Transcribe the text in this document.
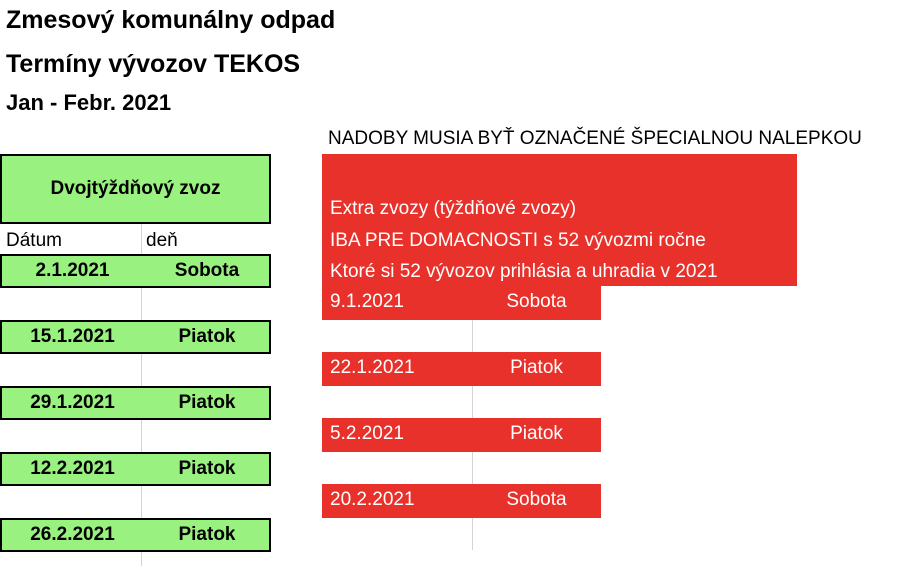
Zmesový komunálny odpad
Termíny vývozov TEKOS
Jan - Febr. 2021
NADOBY MUSIA BYŤ OZNAČENÉ ŠPECIALNOU NALEPKOU
Dvojtýždňový zvoz
Dátum	deň
2.1.2021	Sobota
15.1.2021	Piatok
29.1.2021	Piatok
12.2.2021	Piatok
26.2.2021	Piatok
Extra zvozy (týždňové zvozy)
IBA PRE DOMACNOSTI s 52 vývozmi ročne
Ktoré si 52 vývozov prihlásia a uhradia v 2021
9.1.2021	Sobota
22.1.2021	Piatok
5.2.2021	Piatok
20.2.2021	Sobota
